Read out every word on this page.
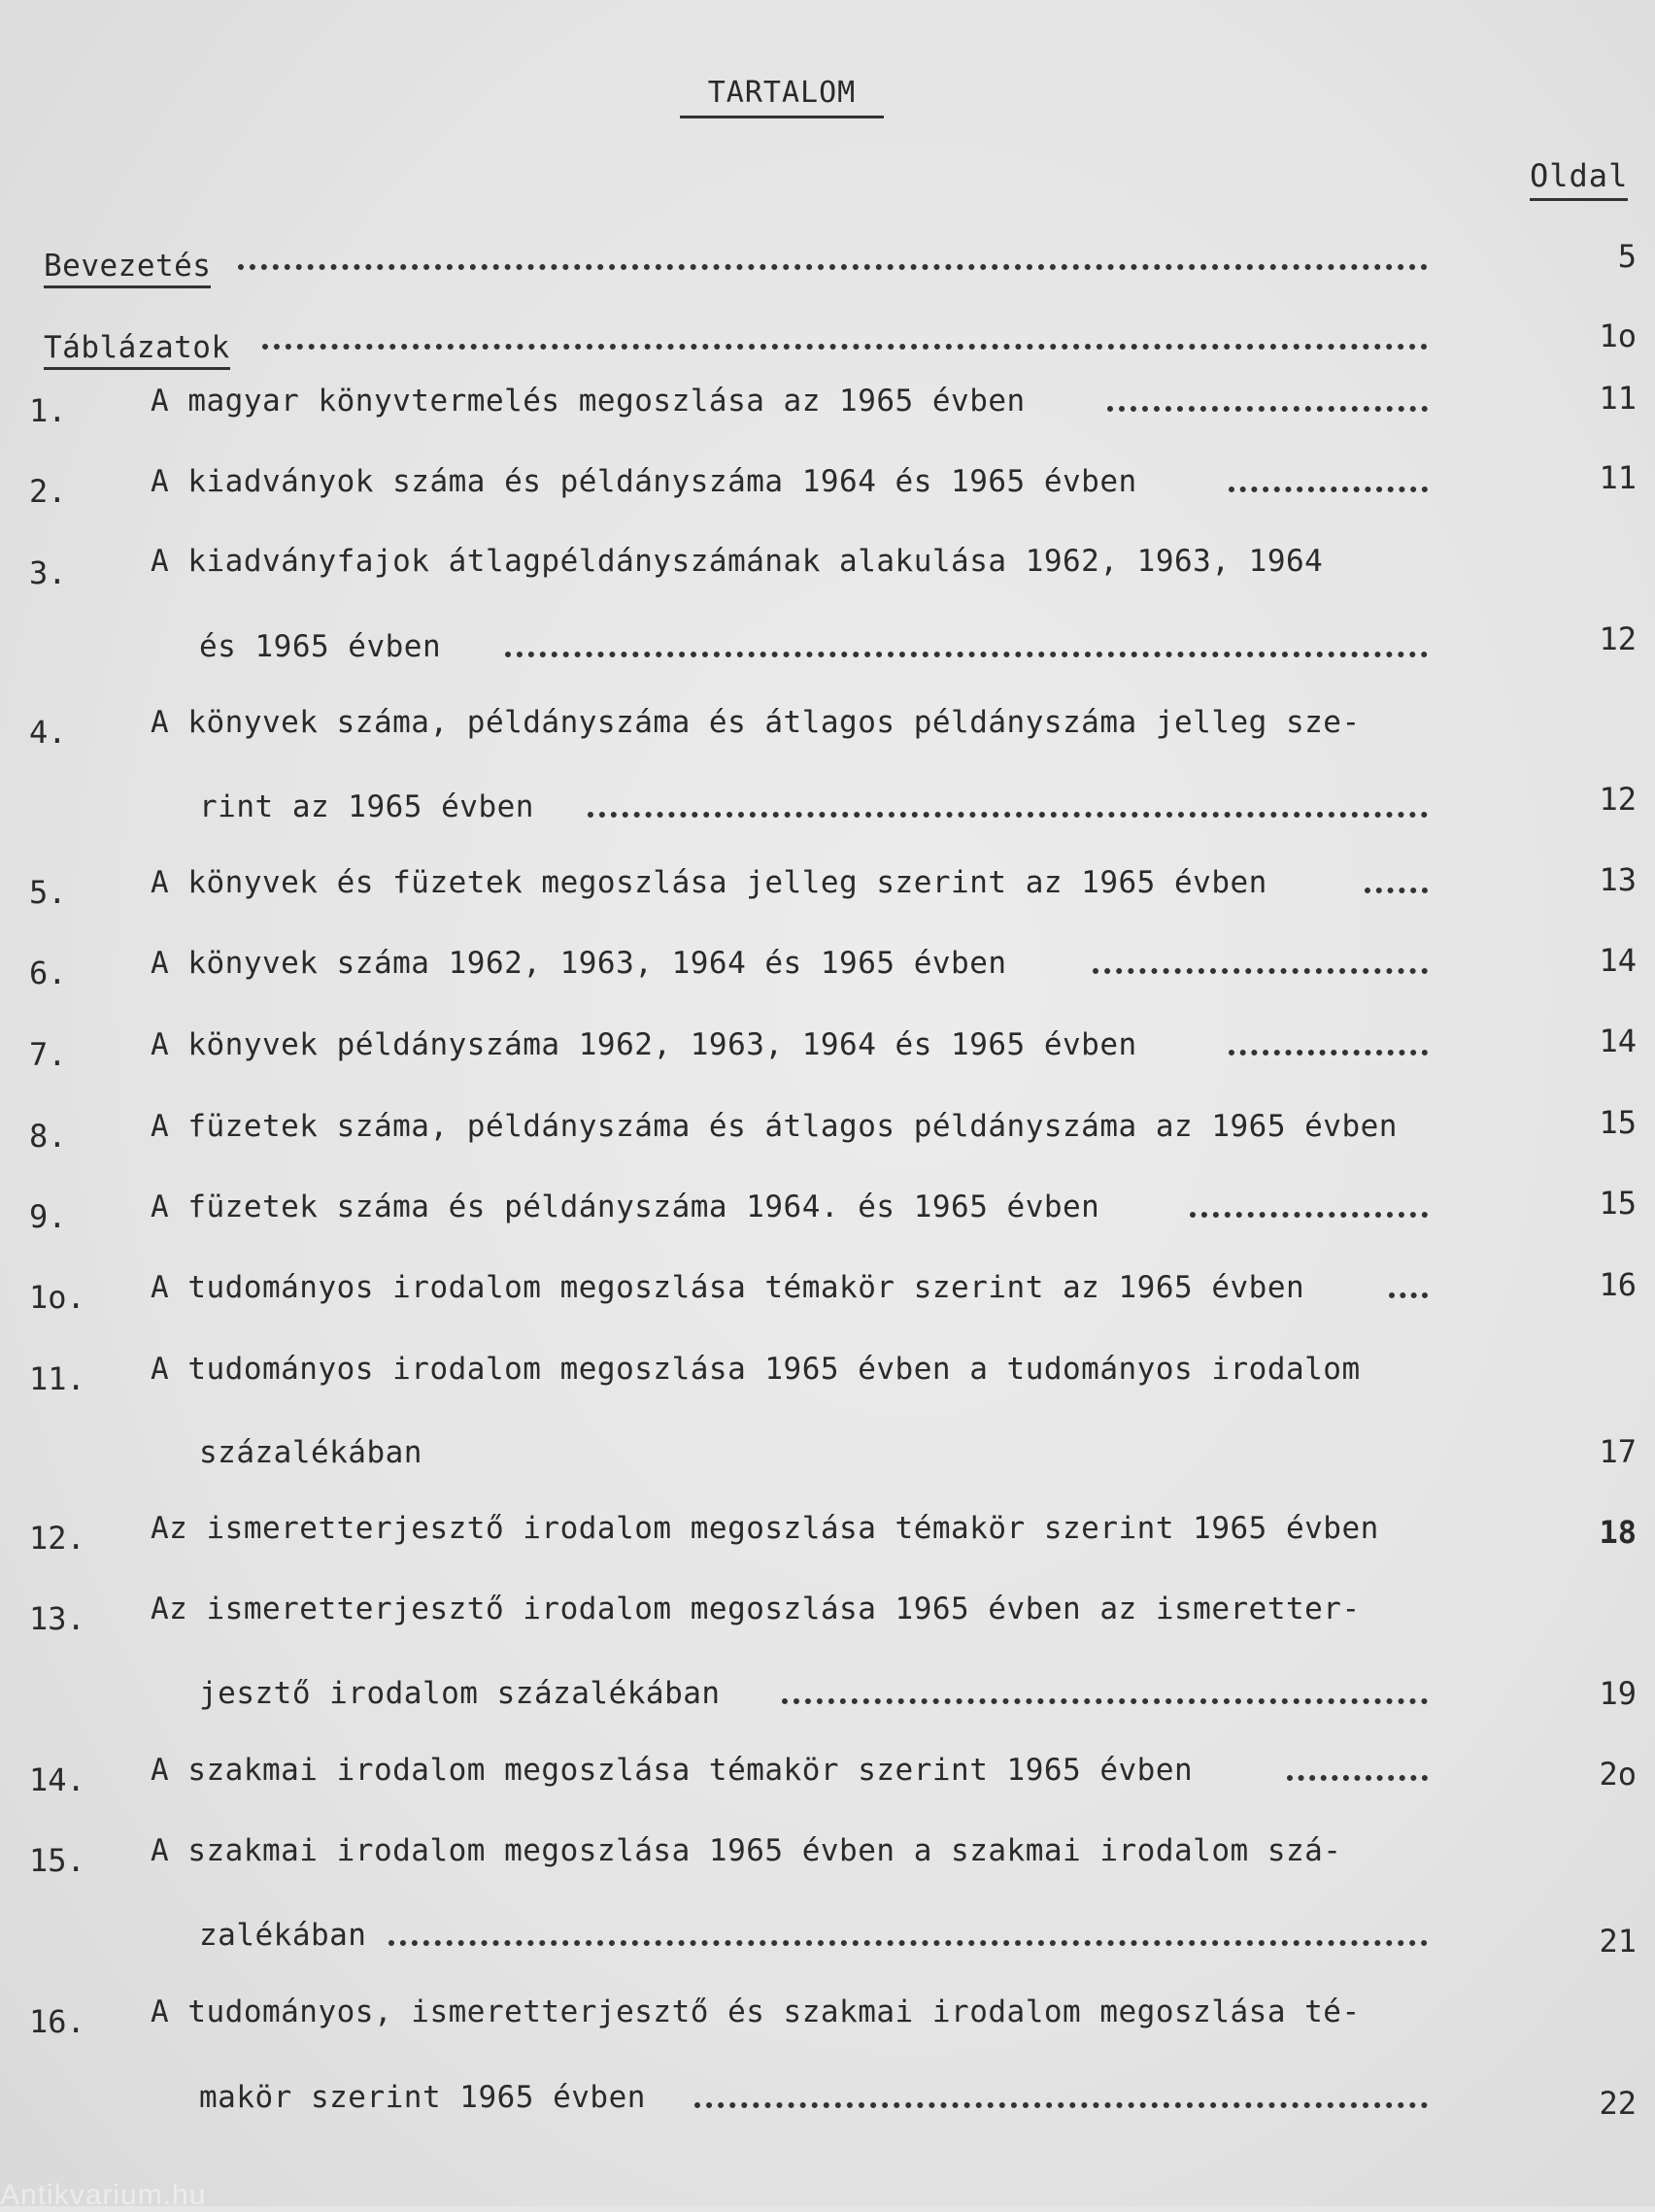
TARTALOM
Oldal
Bevezetés	5
Táblázatok	1o
1.	A magyar könyvtermelés megoszlása az 1965 évben	11
2.	A kiadványok száma és példányszáma 1964 és 1965 évben	11
3.	A kiadványfajok átlagpéldányszámának alakulása 1962, 1963, 1964
és 1965 évben	12
4.	A könyvek száma, példányszáma és átlagos példányszáma jelleg sze-
rint az 1965 évben	12
5.	A könyvek és füzetek megoszlása jelleg szerint az 1965 évben	13
6.	A könyvek száma 1962, 1963, 1964 és 1965 évben	14
7.	A könyvek példányszáma 1962, 1963, 1964 és 1965 évben	14
8.	A füzetek száma, példányszáma és átlagos példányszáma az 1965 évben	15
9.	A füzetek száma és példányszáma 1964. és 1965 évben	15
1o.	A tudományos irodalom megoszlása témakör szerint az 1965 évben	16
11.	A tudományos irodalom megoszlása 1965 évben a tudományos irodalom
százalékában	17
12.	Az ismeretterjesztő irodalom megoszlása témakör szerint 1965 évben	18
13.	Az ismeretterjesztő irodalom megoszlása 1965 évben az ismeretter-
jesztő irodalom százalékában	19
14.	A szakmai irodalom megoszlása témakör szerint 1965 évben	2o
15.	A szakmai irodalom megoszlása 1965 évben a szakmai irodalom szá-
zalékában	21
16.	A tudományos, ismeretterjesztő és szakmai irodalom megoszlása té-
makör szerint 1965 évben	22
Antikvarium.hu
